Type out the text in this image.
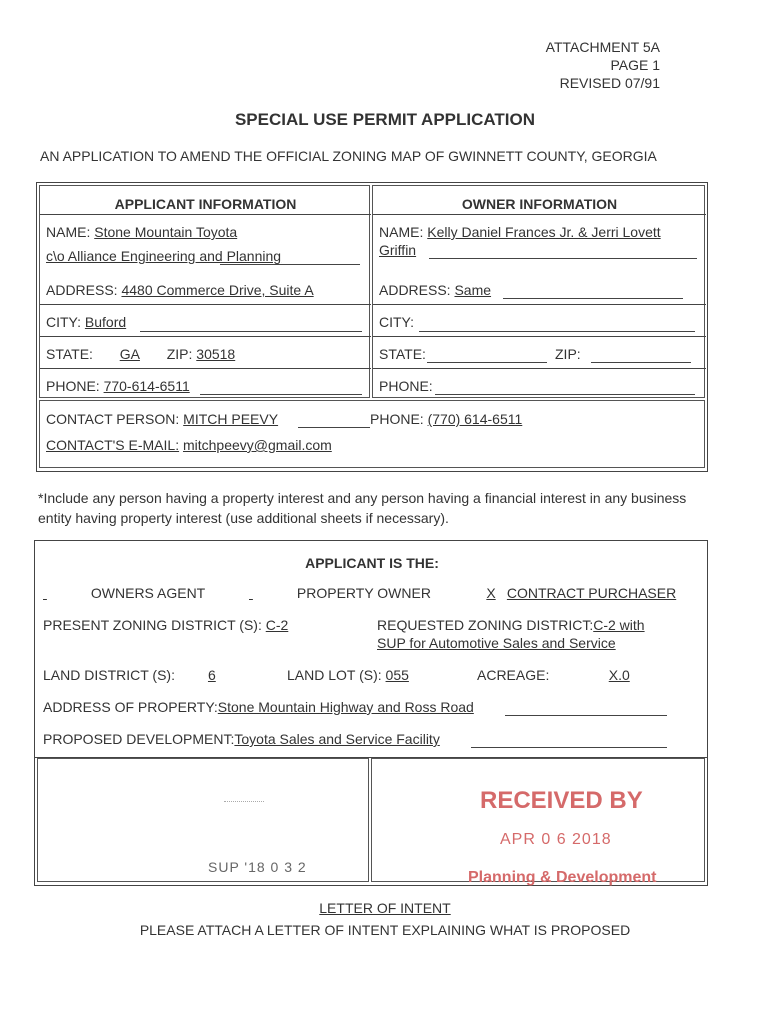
ATTACHMENT 5A
PAGE 1
REVISED 07/91
SPECIAL USE PERMIT APPLICATION
AN APPLICATION TO AMEND THE OFFICIAL ZONING MAP OF GWINNETT COUNTY, GEORGIA
APPLICANT INFORMATION
NAME: Stone Mountain Toyota
c\o Alliance Engineering and Planning
ADDRESS: 4480 Commerce Drive, Suite A
CITY: Buford
STATE: GA ZIP: 30518
PHONE: 770-614-6511
OWNER INFORMATION
NAME: Kelly Daniel Frances Jr. & Jerri Lovett
Griffin
ADDRESS: Same
CITY:
STATE:	ZIP:
PHONE:
CONTACT PERSON: MITCH PEEVY	PHONE: (770) 614-6511
CONTACT'S E-MAIL: mitchpeevy@gmail.com
*Include any person having a property interest and any person having a financial interest in any business entity having property interest (use additional sheets if necessary).
APPLICANT IS THE:
OWNERS AGENT	PROPERTY OWNER	X CONTRACT PURCHASER
PRESENT ZONING DISTRICT (S): C-2	REQUESTED ZONING DISTRICT:C-2 with
SUP for Automotive Sales and Service
LAND DISTRICT (S): 6	LAND LOT (S): 055	ACREAGE:	X.0
ADDRESS OF PROPERTY:Stone Mountain Highway and Ross Road
PROPOSED DEVELOPMENT:Toyota Sales and Service Facility
SUP '18 0 3 2
RECEIVED BY
APR 0 6 2018
Planning & Development
LETTER OF INTENT
PLEASE ATTACH A LETTER OF INTENT EXPLAINING WHAT IS PROPOSED
